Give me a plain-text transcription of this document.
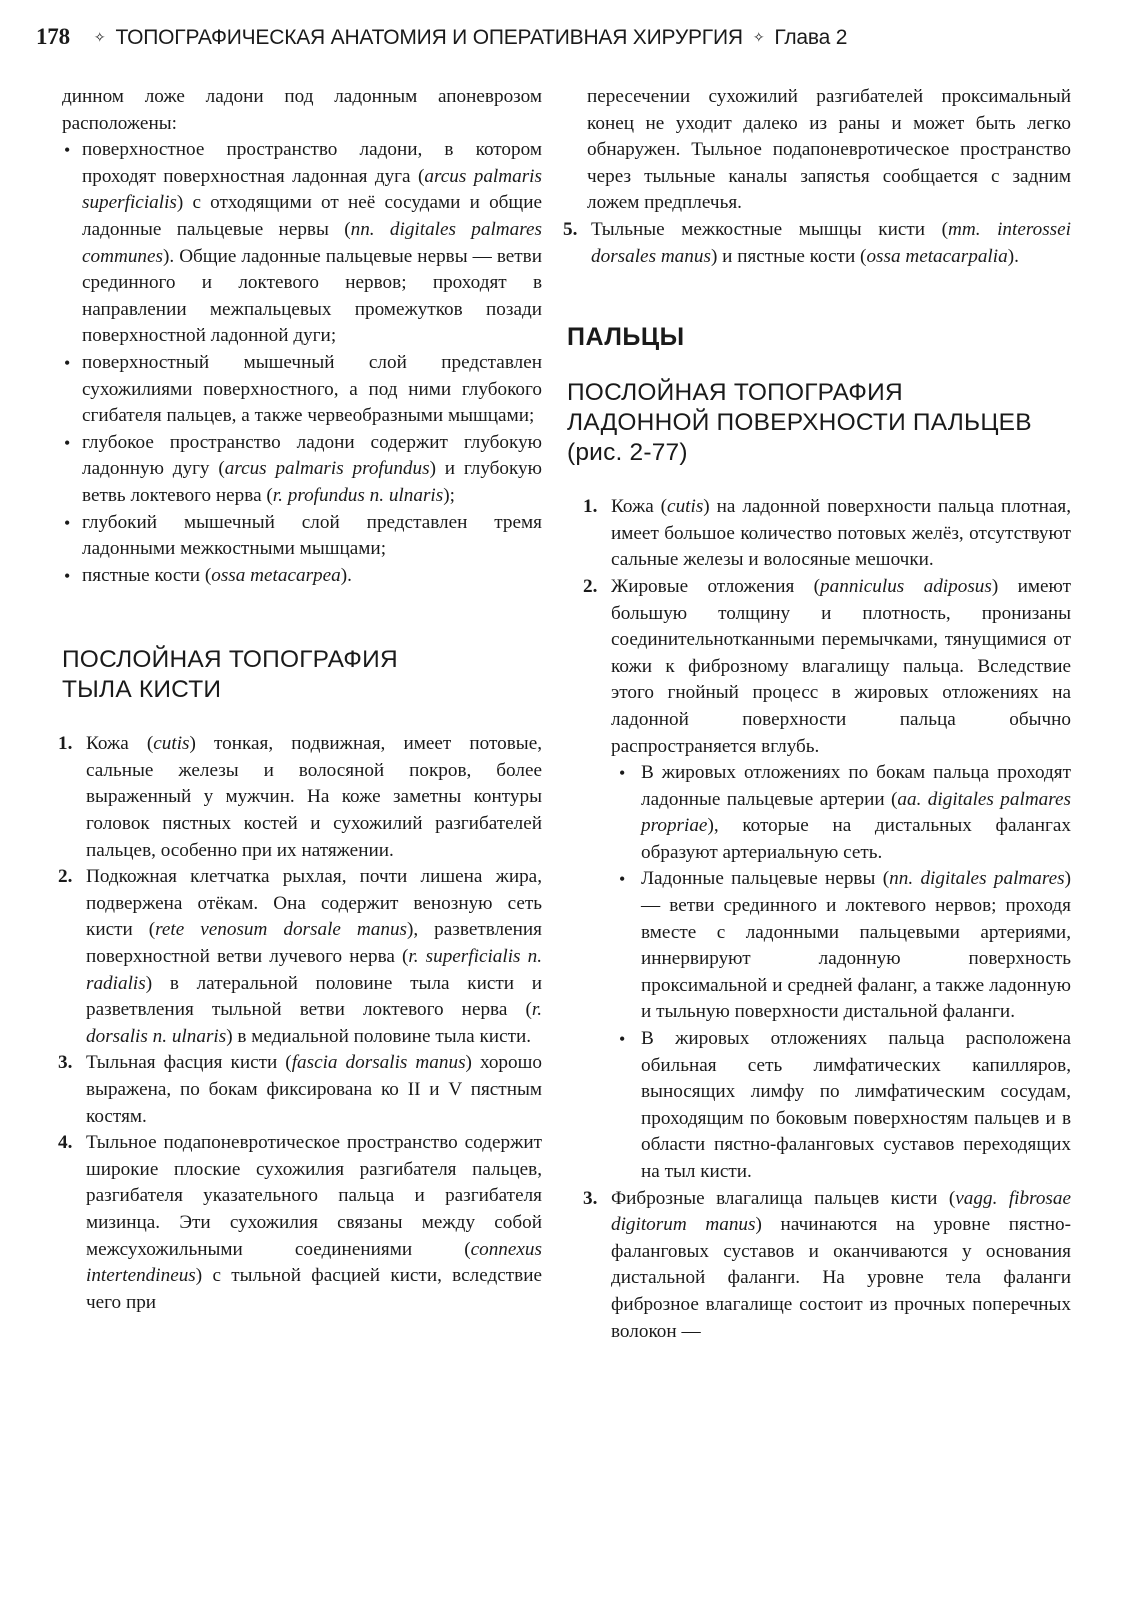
178 ✧ ТОПОГРАФИЧЕСКАЯ АНАТОМИЯ И ОПЕРАТИВНАЯ ХИРУРГИЯ ✧ Глава 2

динном ложе ладони под ладонным апоневрозом расположены:

• поверхностное пространство ладони, в котором проходят поверхностная ладонная дуга (arcus palmaris superficialis) с отходящими от неё сосудами и общие ладонные пальцевые нервы (nn. digitales palmares communes). Общие ладонные пальцевые нервы — ветви срединного и локтевого нервов; проходят в направлении межпальцевых промежутков позади поверхностной ладонной дуги;
• поверхностный мышечный слой представлен сухожилиями поверхностного, а под ними глубокого сгибателя пальцев, а также червеобразными мышцами;
• глубокое пространство ладони содержит глубокую ладонную дугу (arcus palmaris profundus) и глубокую ветвь локтевого нерва (r. profundus n. ulnaris);
• глубокий мышечный слой представлен тремя ладонными межкостными мышцами;
• пястные кости (ossa metacarpea).
ПОСЛОЙНАЯ ТОПОГРАФИЯ
ТЫЛА КИСТИ
1. Кожа (cutis) тонкая, подвижная, имеет потовые, сальные железы и волосяной покров, более выраженный у мужчин. На коже заметны контуры головок пястных костей и сухожилий разгибателей пальцев, особенно при их натяжении.
2. Подкожная клетчатка рыхлая, почти лишена жира, подвержена отёкам. Она содержит венозную сеть кисти (rete venosum dorsale manus), разветвления поверхностной ветви лучевого нерва (r. superficialis n. radialis) в латеральной половине тыла кисти и разветвления тыльной ветви локтевого нерва (r. dorsalis n. ulnaris) в медиальной половине тыла кисти.
3. Тыльная фасция кисти (fascia dorsalis manus) хорошо выражена, по бокам фиксирована ко II и V пястным костям.
4. Тыльное подапоневротическое пространство содержит широкие плоские сухожилия разгибателя пальцев, разгибателя указательного пальца и разгибателя мизинца. Эти сухожилия связаны между собой межсухожильными соединениями (connexus intertendineus) с тыльной фасцией кисти, вследствие чего при

пересечении сухожилий разгибателей проксимальный конец не уходит далеко из раны и может быть легко обнаружен. Тыльное подапоневротическое пространство через тыльные каналы запястья сообщается с задним ложем предплечья.

5. Тыльные межкостные мышцы кисти (mm. interossei dorsales manus) и пястные кости (ossa metacarpalia).
ПАЛЬЦЫ
ПОСЛОЙНАЯ ТОПОГРАФИЯ
ЛАДОННОЙ ПОВЕРХНОСТИ ПАЛЬЦЕВ
(рис. 2-77)
1. Кожа (cutis) на ладонной поверхности пальца плотная, имеет большое количество потовых желёз, отсутствуют сальные железы и волосяные мешочки.
2. Жировые отложения (panniculus adiposus) имеют большую толщину и плотность, пронизаны соединительнотканными перемычками, тянущимися от кожи к фиброзному влагалищу пальца. Вследствие этого гнойный процесс в жировых отложениях на ладонной поверхности пальца обычно распространяется вглубь.
• В жировых отложениях по бокам пальца проходят ладонные пальцевые артерии (aa. digitales palmares propriae), которые на дистальных фалангах образуют артериальную сеть.
• Ладонные пальцевые нервы (nn. digitales palmares) — ветви срединного и локтевого нервов; проходя вместе с ладонными пальцевыми артериями, иннервируют ладонную поверхность проксимальной и средней фаланг, а также ладонную и тыльную поверхности дистальной фаланги.
• В жировых отложениях пальца расположена обильная сеть лимфатических капилляров, выносящих лимфу по лимфатическим сосудам, проходящим по боковым поверхностям пальцев и в области пястно-фаланговых суставов переходящих на тыл кисти.
3. Фиброзные влагалища пальцев кисти (vagg. fibrosae digitorum manus) начинаются на уровне пястно-фаланговых суставов и оканчиваются у основания дистальной фаланги. На уровне тела фаланги фиброзное влагалище состоит из прочных поперечных волокон —
